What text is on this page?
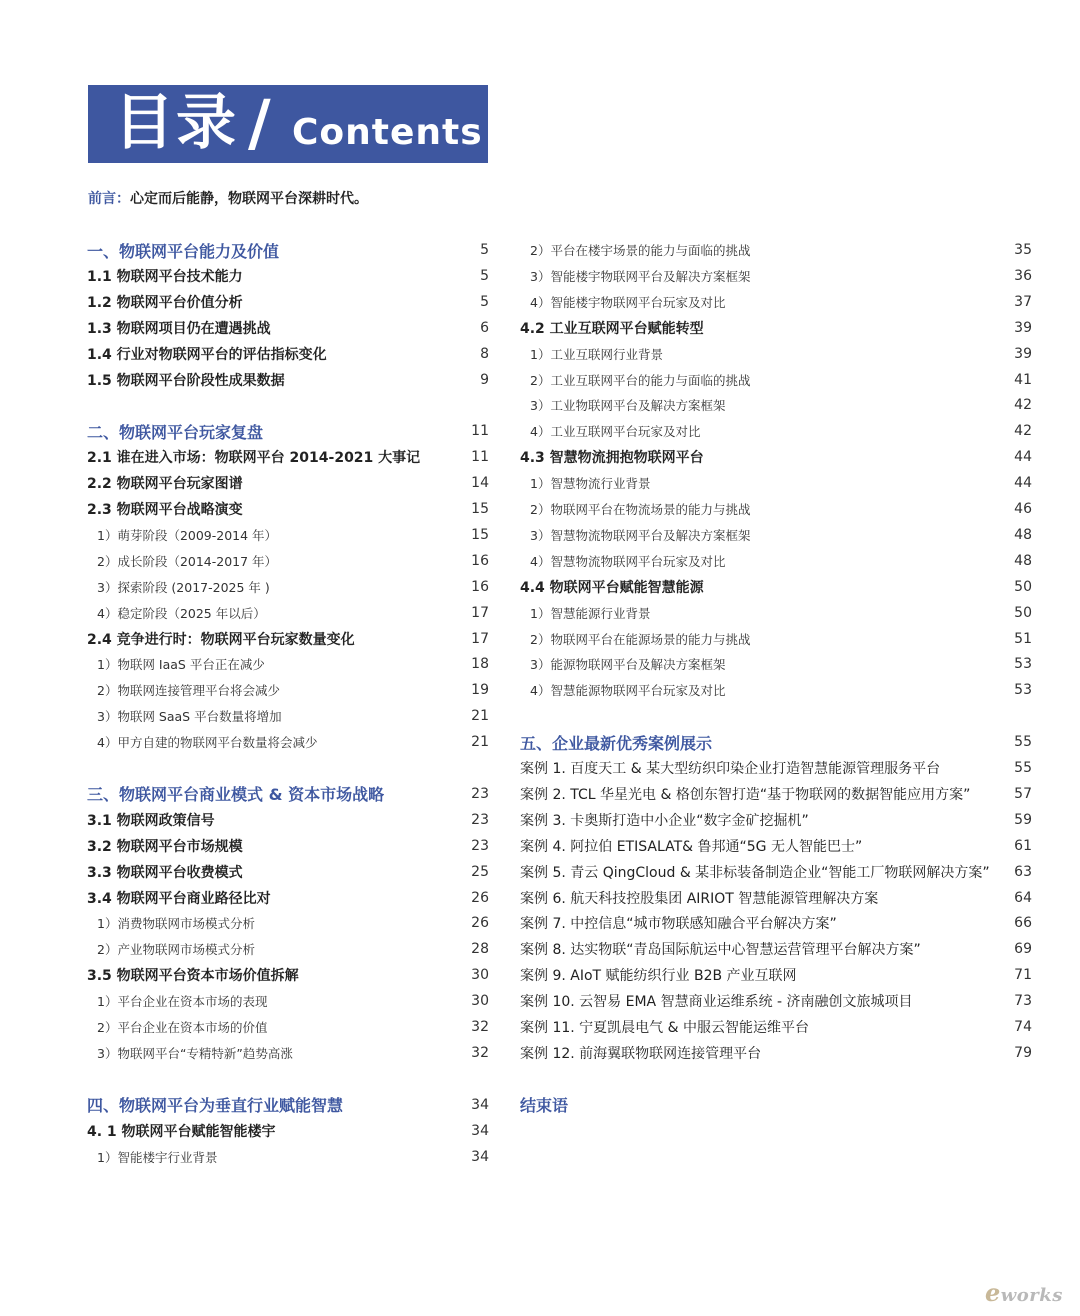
目录 / Contents
前言：心定而后能静，物联网平台深耕时代。
一、物联网平台能力及价值	5
1.1 物联网平台技术能力	5
1.2 物联网平台价值分析	5
1.3 物联网项目仍在遭遇挑战	6
1.4 行业对物联网平台的评估指标变化	8
1.5 物联网平台阶段性成果数据	9
二、物联网平台玩家复盘	11
2.1 谁在进入市场：物联网平台 2014-2021 大事记	11
2.2 物联网平台玩家图谱	14
2.3 物联网平台战略演变	15
1）萌芽阶段（2009-2014 年）	15
2）成长阶段（2014-2017 年）	16
3）探索阶段 (2017-2025 年 )	16
4）稳定阶段（2025 年以后）	17
2.4 竞争进行时：物联网平台玩家数量变化	17
1）物联网 IaaS 平台正在减少	18
2）物联网连接管理平台将会减少	19
3）物联网 SaaS 平台数量将增加	21
4）甲方自建的物联网平台数量将会减少	21
三、物联网平台商业模式 & 资本市场战略	23
3.1 物联网政策信号	23
3.2 物联网平台市场规模	23
3.3 物联网平台收费模式	25
3.4 物联网平台商业路径比对	26
1）消费物联网市场模式分析	26
2）产业物联网市场模式分析	28
3.5 物联网平台资本市场价值拆解	30
1）平台企业在资本市场的表现	30
2）平台企业在资本市场的价值	32
3）物联网平台“专精特新”趋势高涨	32
四、物联网平台为垂直行业赋能智慧	34
4. 1 物联网平台赋能智能楼宇	34
1）智能楼宇行业背景	34
2）平台在楼宇场景的能力与面临的挑战	35
3）智能楼宇物联网平台及解决方案框架	36
4）智能楼宇物联网平台玩家及对比	37
4.2 工业互联网平台赋能转型	39
1）工业互联网行业背景	39
2）工业互联网平台的能力与面临的挑战	41
3）工业物联网平台及解决方案框架	42
4）工业互联网平台玩家及对比	42
4.3 智慧物流拥抱物联网平台	44
1）智慧物流行业背景	44
2）物联网平台在物流场景的能力与挑战	46
3）智慧物流物联网平台及解决方案框架	48
4）智慧物流物联网平台玩家及对比	48
4.4 物联网平台赋能智慧能源	50
1）智慧能源行业背景	50
2）物联网平台在能源场景的能力与挑战	51
3）能源物联网平台及解决方案框架	53
4）智慧能源物联网平台玩家及对比	53
五、企业最新优秀案例展示	55
案例 1. 百度天工 & 某大型纺织印染企业打造智慧能源管理服务平台	55
案例 2. TCL 华星光电 & 格创东智打造“基于物联网的数据智能应用方案”	57
案例 3. 卡奥斯打造中小企业“数字金矿挖掘机”	59
案例 4. 阿拉伯 ETISALAT& 鲁邦通“5G 无人智能巴士”	61
案例 5. 青云 QingCloud & 某非标装备制造企业“智能工厂物联网解决方案”	63
案例 6. 航天科技控股集团 AIRIOT 智慧能源管理解决方案	64
案例 7. 中控信息“城市物联感知融合平台解决方案”	66
案例 8. 达实物联“青岛国际航运中心智慧运营管理平台解决方案”	69
案例 9. AIoT 赋能纺织行业 B2B 产业互联网	71
案例 10. 云智易 EMA 智慧商业运维系统 - 济南融创文旅城项目	73
案例 11. 宁夏凯晨电气 & 中服云智能运维平台	74
案例 12. 前海翼联物联网连接管理平台	79
结束语
eworks
